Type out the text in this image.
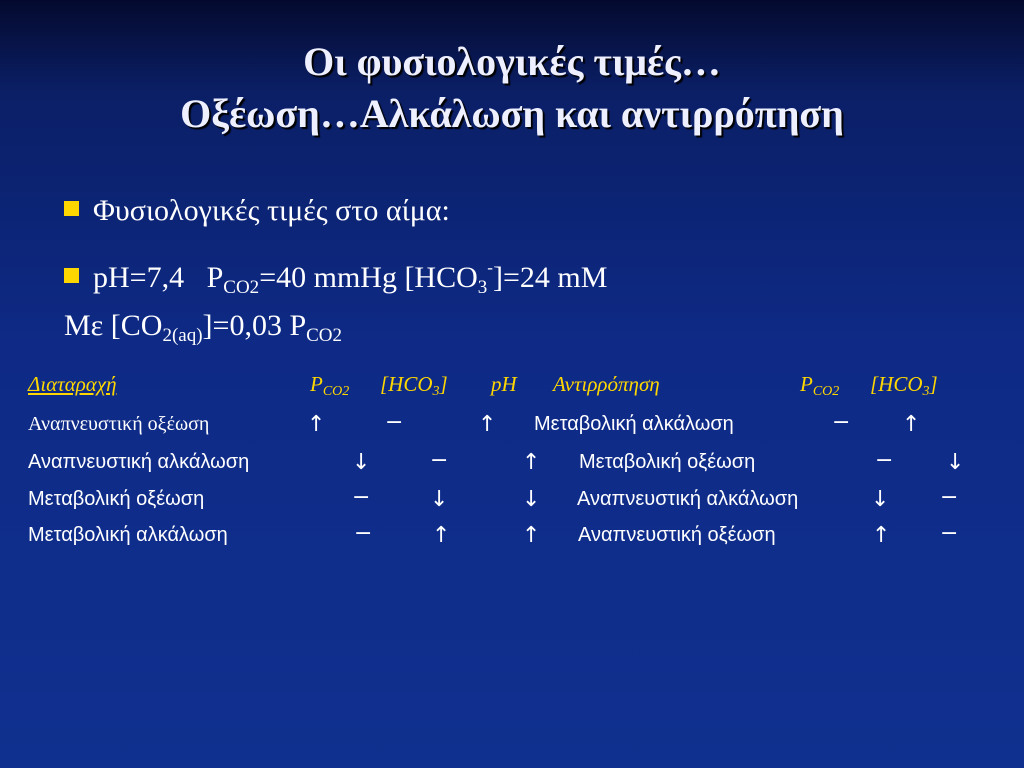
Οι φυσιολογικές τιμές…
Οξέωση…Αλκάλωση και αντιρρόπηση
Φυσιολογικές τιμές στο αίμα:
pH=7,4 $P_{CO2}=40$ mmHg $[HCO_3^-]=24$ mM
Με $[CO_{2(aq)}]=0,03$ $P_{CO2}$
Διαταραχή	PCO2 [HCO3] pH Αντιρρόπηση	PCO2 [HCO3]
Αναπνευστική οξέωση	↑	−	↑ Μεταβολική αλκάλωση	− ↑
Αναπνευστική αλκάλωση	↓	−	↑ Μεταβολική οξέωση	− ↓
Μεταβολική οξέωση	−	↓	↓ Αναπνευστική αλκάλωση	↓ −
Μεταβολική αλκάλωση	−	↑	↑ Αναπνευστική οξέωση	↑ −
